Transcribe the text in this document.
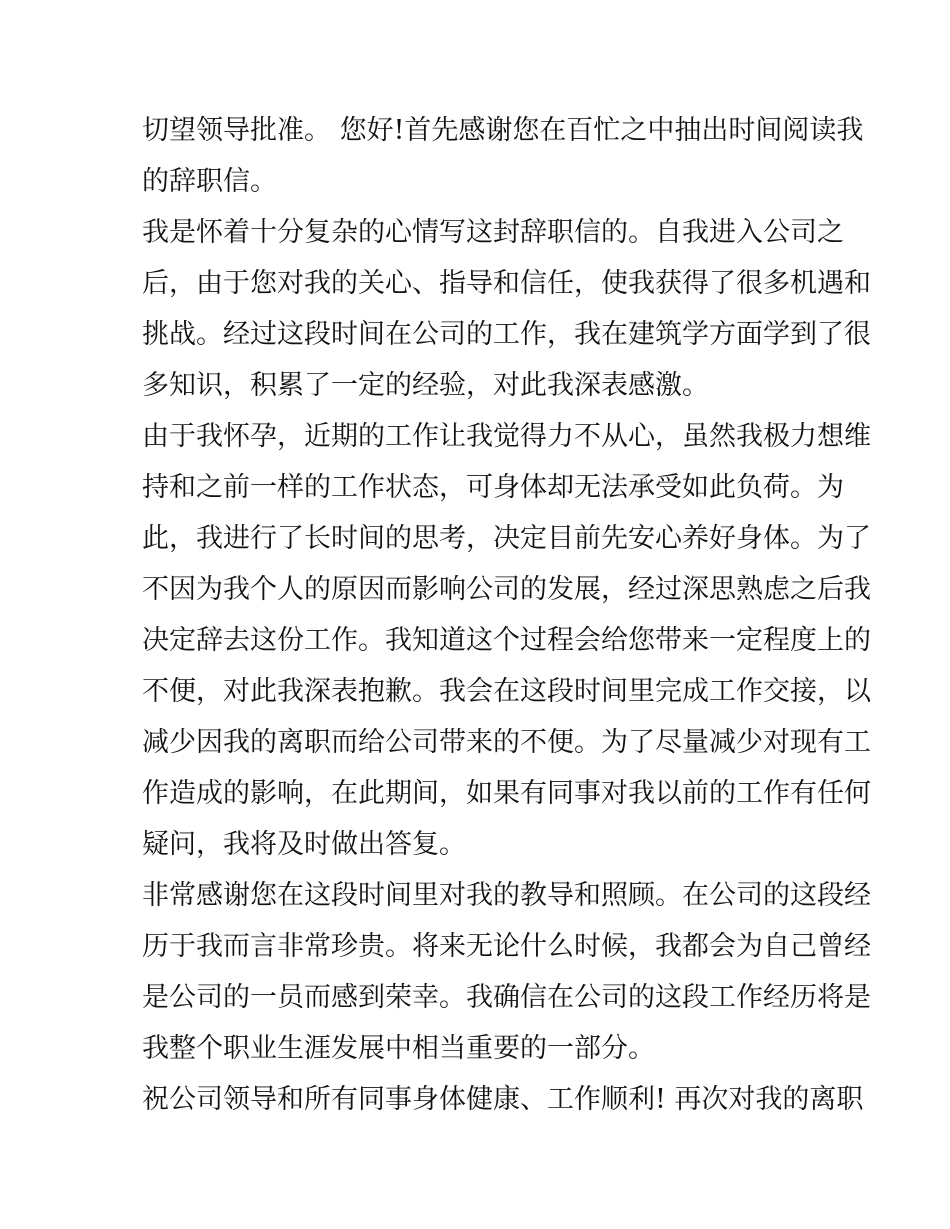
切望领导批准。 您好!首先感谢您在百忙之中抽出时间阅读我

的辞职信。

我是怀着十分复杂的心情写这封辞职信的。自我进入公司之

后，由于您对我的关心、指导和信任，使我获得了很多机遇和

挑战。经过这段时间在公司的工作，我在建筑学方面学到了很

多知识，积累了一定的经验，对此我深表感激。

由于我怀孕，近期的工作让我觉得力不从心，虽然我极力想维

持和之前一样的工作状态，可身体却无法承受如此负荷。为

此，我进行了长时间的思考，决定目前先安心养好身体。为了

不因为我个人的原因而影响公司的发展，经过深思熟虑之后我

决定辞去这份工作。我知道这个过程会给您带来一定程度上的

不便，对此我深表抱歉。我会在这段时间里完成工作交接，以

减少因我的离职而给公司带来的不便。为了尽量减少对现有工

作造成的影响，在此期间，如果有同事对我以前的工作有任何

疑问，我将及时做出答复。

非常感谢您在这段时间里对我的教导和照顾。在公司的这段经

历于我而言非常珍贵。将来无论什么时候，我都会为自己曾经

是公司的一员而感到荣幸。我确信在公司的这段工作经历将是

我整个职业生涯发展中相当重要的一部分。

祝公司领导和所有同事身体健康、工作顺利! 再次对我的离职
